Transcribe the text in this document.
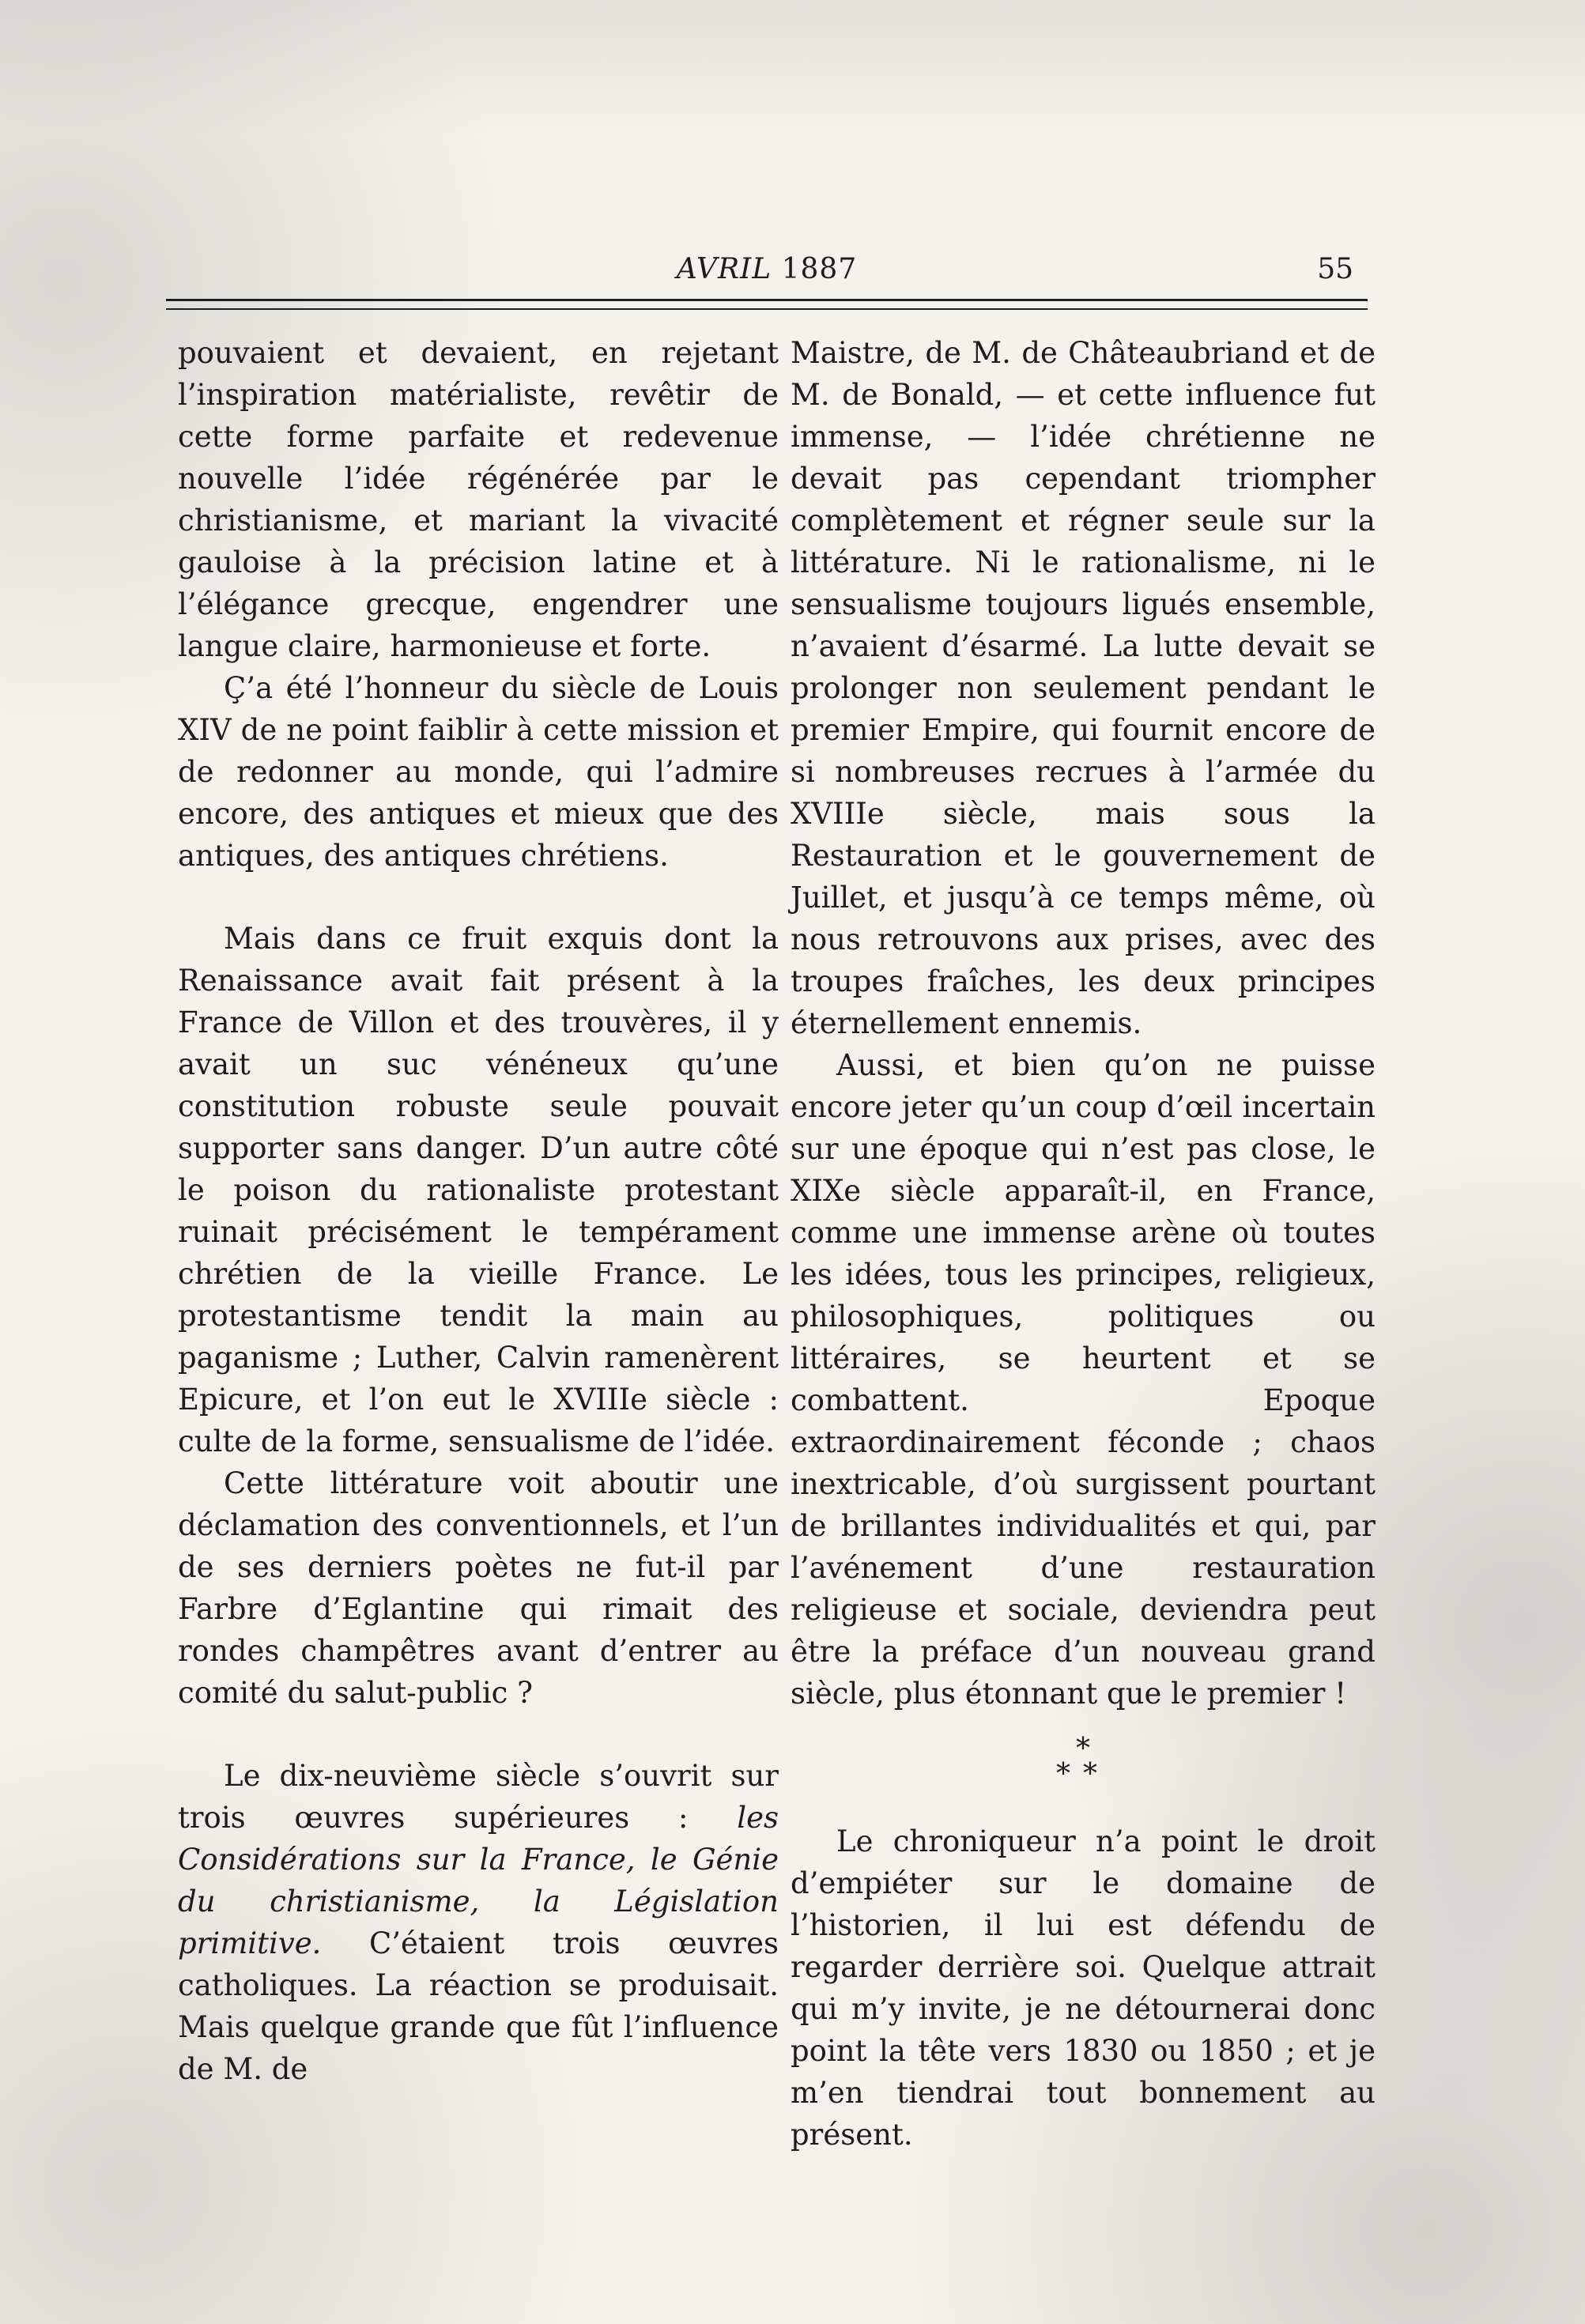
AVRIL 1887	55

pouvaient et devaient, en rejetant l’inspiration matérialiste, revêtir de cette forme parfaite et redevenue nouvelle l’idée régénérée par le christianisme, et mariant la vivacité gauloise à la précision latine et à l’élégance grecque, engendrer une langue claire, harmonieuse et forte.

Ç’a été l’honneur du siècle de Louis XIV de ne point faiblir à cette mission et de redonner au monde, qui l’admire encore, des antiques et mieux que des antiques, des antiques chrétiens.

Mais dans ce fruit exquis dont la Renaissance avait fait présent à la France de Villon et des trouvères, il y avait un suc vénéneux qu’une constitution robuste seule pouvait supporter sans danger. D’un autre côté le poison du rationaliste protestant ruinait précisément le tempérament chrétien de la vieille France. Le protestantisme tendit la main au paganisme ; Luther, Calvin ramenèrent Epicure, et l’on eut le XVIIIe siècle : culte de la forme, sensualisme de l’idée.

Cette littérature voit aboutir une déclamation des conventionnels, et l’un de ses derniers poètes ne fut-il par Farbre d’Eglantine qui rimait des rondes champêtres avant d’entrer au comité du salut-public ?

Le dix-neuvième siècle s’ouvrit sur trois œuvres supérieures : les Considérations sur la France, le Génie du christianisme, la Législation primitive. C’étaient trois œuvres catholiques. La réaction se produisait. Mais quelque grande que fût l’influence de M. de

Maistre, de M. de Châteaubriand et de M. de Bonald, — et cette influence fut immense, — l’idée chrétienne ne devait pas cependant triompher complètement et régner seule sur la littérature. Ni le rationalisme, ni le sensualisme toujours ligués ensemble, n’avaient d’ésarmé. La lutte devait se prolonger non seulement pendant le premier Empire, qui fournit encore de si nombreuses recrues à l’armée du XVIIIe siècle, mais sous la Restauration et le gouvernement de Juillet, et jusqu’à ce temps même, où nous retrouvons aux prises, avec des troupes fraîches, les deux principes éternellement ennemis.

Aussi, et bien qu’on ne puisse encore jeter qu’un coup d’œil incertain sur une époque qui n’est pas close, le XIXe siècle apparaît-il, en France, comme une immense arène où toutes les idées, tous les principes, religieux, philosophiques, politiques ou littéraires, se heurtent et se combattent. Epoque extraordinairement féconde ; chaos inextricable, d’où surgissent pourtant de brillantes individualités et qui, par l’avénement d’une restauration religieuse et sociale, deviendra peut être la préface d’un nouveau grand siècle, plus étonnant que le premier !

*
**

Le chroniqueur n’a point le droit d’empiéter sur le domaine de l’historien, il lui est défendu de regarder derrière soi. Quelque attrait qui m’y invite, je ne détournerai donc point la tête vers 1830 ou 1850 ; et je m’en tiendrai tout bonnement au présent.
